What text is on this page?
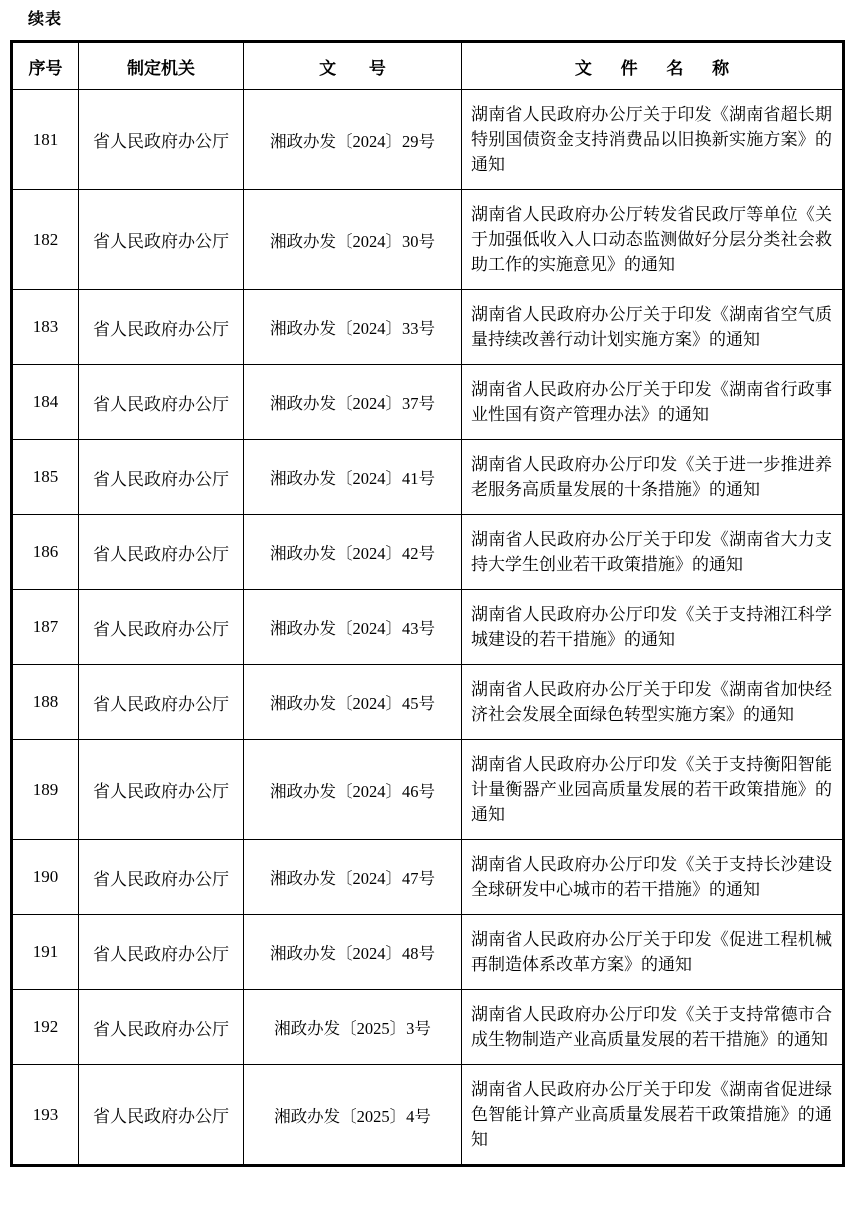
续表
序号	制定机关	文 号	文 件 名 称
181	省人民政府办公厅	湘政办发〔2024〕29号	湖南省人民政府办公厅关于印发《湖南省超长期特别国债资金支持消费品以旧换新实施方案》的通知
182	省人民政府办公厅	湘政办发〔2024〕30号	湖南省人民政府办公厅转发省民政厅等单位《关于加强低收入人口动态监测做好分层分类社会救助工作的实施意见》的通知
183	省人民政府办公厅	湘政办发〔2024〕33号	湖南省人民政府办公厅关于印发《湖南省空气质量持续改善行动计划实施方案》的通知
184	省人民政府办公厅	湘政办发〔2024〕37号	湖南省人民政府办公厅关于印发《湖南省行政事业性国有资产管理办法》的通知
185	省人民政府办公厅	湘政办发〔2024〕41号	湖南省人民政府办公厅印发《关于进一步推进养老服务高质量发展的十条措施》的通知
186	省人民政府办公厅	湘政办发〔2024〕42号	湖南省人民政府办公厅关于印发《湖南省大力支持大学生创业若干政策措施》的通知
187	省人民政府办公厅	湘政办发〔2024〕43号	湖南省人民政府办公厅印发《关于支持湘江科学城建设的若干措施》的通知
188	省人民政府办公厅	湘政办发〔2024〕45号	湖南省人民政府办公厅关于印发《湖南省加快经济社会发展全面绿色转型实施方案》的通知
189	省人民政府办公厅	湘政办发〔2024〕46号	湖南省人民政府办公厅印发《关于支持衡阳智能计量衡器产业园高质量发展的若干政策措施》的通知
190	省人民政府办公厅	湘政办发〔2024〕47号	湖南省人民政府办公厅印发《关于支持长沙建设全球研发中心城市的若干措施》的通知
191	省人民政府办公厅	湘政办发〔2024〕48号	湖南省人民政府办公厅关于印发《促进工程机械再制造体系改革方案》的通知
192	省人民政府办公厅	湘政办发〔2025〕3号	湖南省人民政府办公厅印发《关于支持常德市合成生物制造产业高质量发展的若干措施》的通知
193	省人民政府办公厅	湘政办发〔2025〕4号	湖南省人民政府办公厅关于印发《湖南省促进绿色智能计算产业高质量发展若干政策措施》的通知
